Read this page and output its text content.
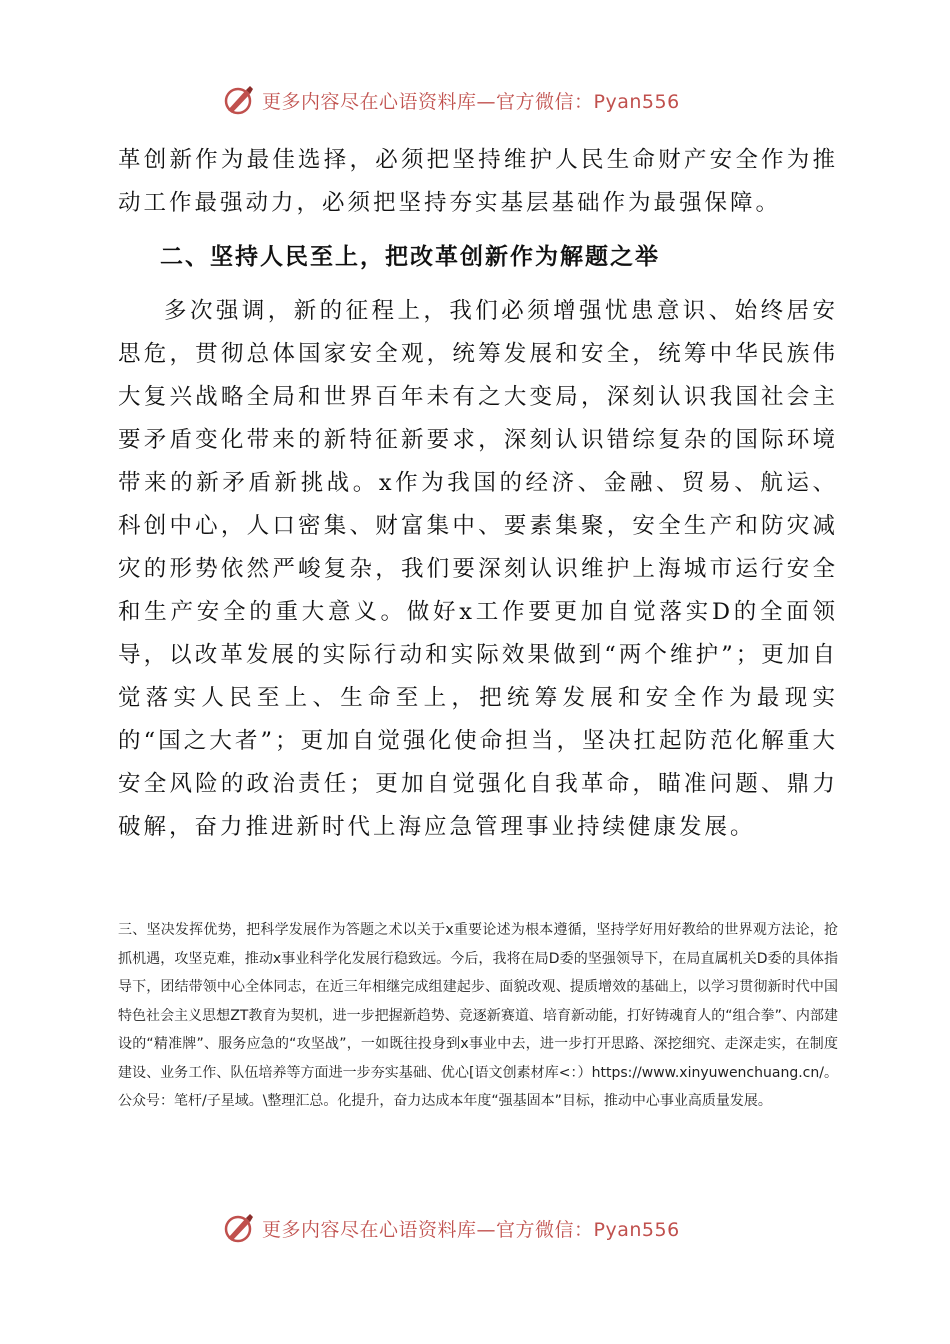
更多内容尽在心语资料库—官方微信：Pyan556
革创新作为最佳选择，必须把坚持维护人民生命财产安全作为推动工作最强动力，必须把坚持夯实基层基础作为最强保障。
二、坚持人民至上，把改革创新作为解题之举
多次强调，新的征程上，我们必须增强忧患意识、始终居安思危，贯彻总体国家安全观，统筹发展和安全，统筹中华民族伟大复兴战略全局和世界百年未有之大变局，深刻认识我国社会主要矛盾变化带来的新特征新要求，深刻认识错综复杂的国际环境带来的新矛盾新挑战。x作为我国的经济、金融、贸易、航运、科创中心，人口密集、财富集中、要素集聚，安全生产和防灾减灾的形势依然严峻复杂，我们要深刻认识维护上海城市运行安全和生产安全的重大意义。做好x工作要更加自觉落实D的全面领导，以改革发展的实际行动和实际效果做到“两个维护”；更加自觉落实人民至上、生命至上，把统筹发展和安全作为最现实的“国之大者”；更加自觉强化使命担当，坚决扛起防范化解重大安全风险的政治责任；更加自觉强化自我革命，瞄准问题、鼎力破解，奋力推进新时代上海应急管理事业持续健康发展。
三、坚决发挥优势，把科学发展作为答题之术以关于x重要论述为根本遵循，坚持学好用好教给的世界观方法论，抢抓机遇，攻坚克难，推动x事业科学化发展行稳致远。今后，我将在局D委的坚强领导下，在局直属机关D委的具体指导下，团结带领中心全体同志，在近三年相继完成组建起步、面貌改观、提质增效的基础上，以学习贯彻新时代中国特色社会主义思想ZT教育为契机，进一步把握新趋势、竞逐新赛道、培育新动能，打好铸魂育人的“组合拳”、内部建设的“精准牌”、服务应急的“攻坚战”，一如既往投身到x事业中去，进一步打开思路、深挖细究、走深走实，在制度建设、业务工作、队伍培养等方面进一步夯实基础、优心[语文创素材库<：）https://www.xinyuwenchuang.cn/。公众号：笔杆/子星域。\整理汇总。化提升，奋力达成本年度“强基固本”目标，推动中心事业高质量发展。
更多内容尽在心语资料库—官方微信：Pyan556
